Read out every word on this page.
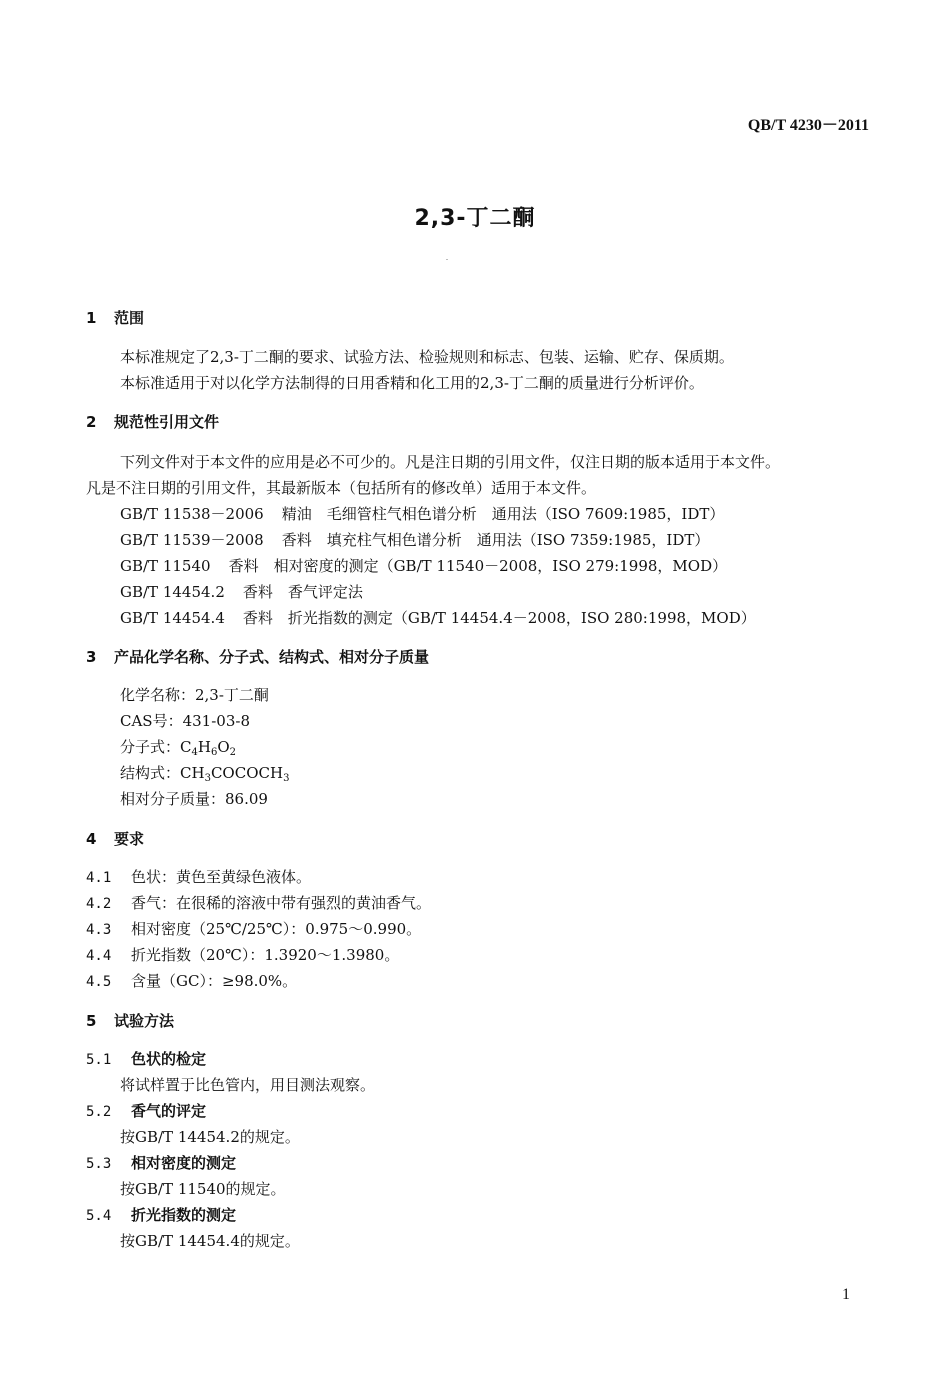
QB/T 4230－2011
2,3-丁二酮
1 范围
本标准规定了2,3-丁二酮的要求、试验方法、检验规则和标志、包装、运输、贮存、保质期。
本标准适用于对以化学方法制得的日用香精和化工用的2,3-丁二酮的质量进行分析评价。
2 规范性引用文件
下列文件对于本文件的应用是必不可少的。凡是注日期的引用文件，仅注日期的版本适用于本文件。
凡是不注日期的引用文件，其最新版本（包括所有的修改单）适用于本文件。
GB/T 11538－2006 精油　毛细管柱气相色谱分析　通用法（ISO 7609:1985，IDT）
GB/T 11539－2008 香料　填充柱气相色谱分析　通用法（ISO 7359:1985，IDT）
GB/T 11540 香料　相对密度的测定（GB/T 11540－2008，ISO 279:1998，MOD）
GB/T 14454.2 香料　香气评定法
GB/T 14454.4 香料　折光指数的测定（GB/T 14454.4－2008，ISO 280:1998，MOD）
3 产品化学名称、分子式、结构式、相对分子质量
化学名称：2,3-丁二酮
CAS号：431-03-8
分子式：$C_4H_6O_2$
结构式：$CH_3COCOCH_3$
相对分子质量：86.09
4 要求
4.1 色状：黄色至黄绿色液体。
4.2 香气：在很稀的溶液中带有强烈的黄油香气。
4.3 相对密度（25℃/25℃）：0.975～0.990。
4.4 折光指数（20℃）：1.3920～1.3980。
4.5 含量（GC）：≥98.0%。
5 试验方法
5.1 色状的检定
将试样置于比色管内，用目测法观察。
5.2 香气的评定
按GB/T 14454.2的规定。
5.3 相对密度的测定
按GB/T 11540的规定。
5.4 折光指数的测定
按GB/T 14454.4的规定。
1
